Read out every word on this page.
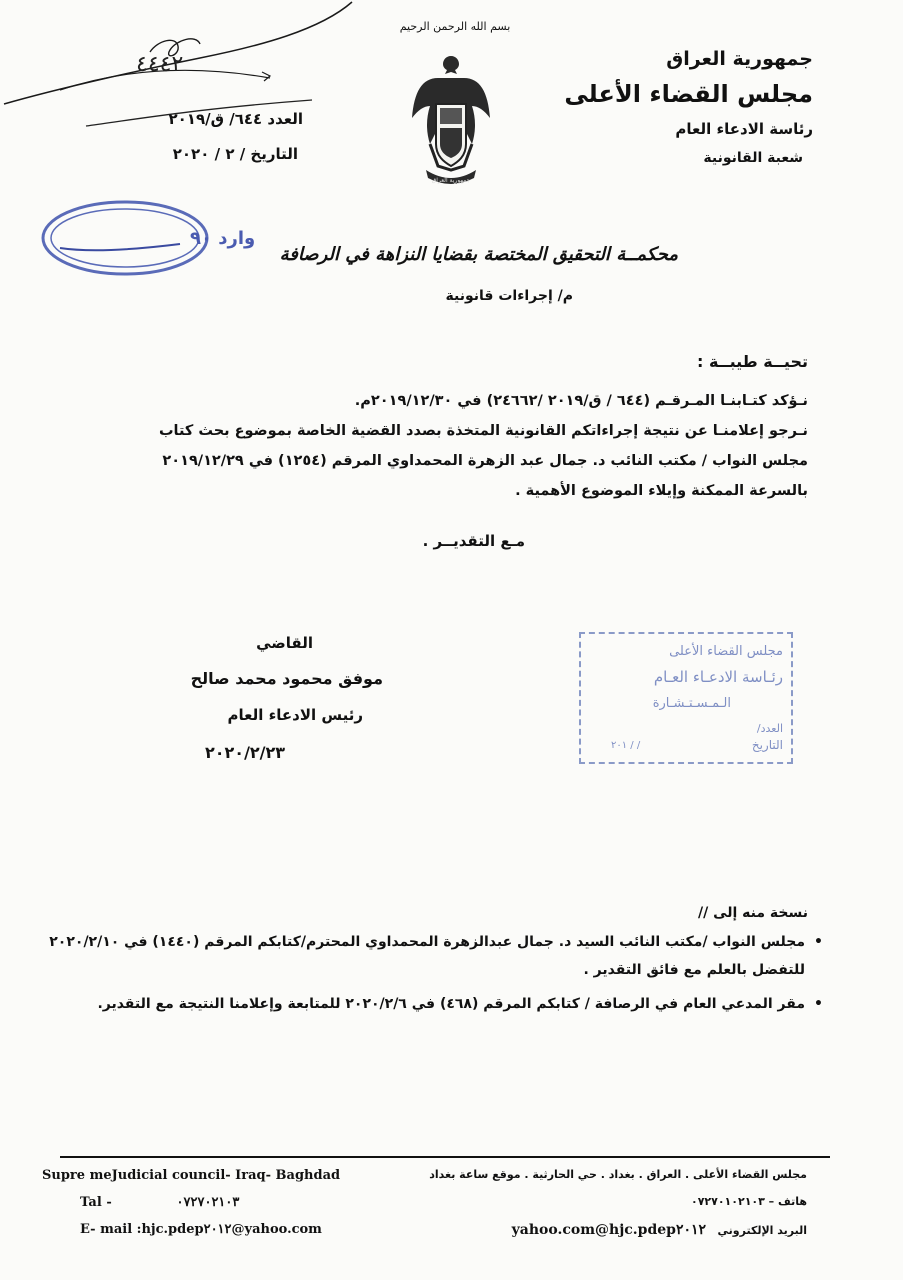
بسم الله الرحمن الرحيم
جمهورية العراق
مجلس القضاء الأعلى
رئاسة الادعاء العام
شعبة القانونية
جمهورية العراق
٤٤٤٢
العدد ٦٤٤/ ق/٢٠١٩
التاريخ / ٢ / ٢٠٢٠
وارد ٩٠
محكمــة التحقيق المختصة بقضايا النزاهة في الرصافة
م/ إجراءات قانونية
تحيــة طيبــة :

نـؤكد كتـابنـا المـرقـم (٦٤٤ / ق/٢٠١٩ /٢٤٦٦٢) في ٢٠١٩/١٢/٣٠م.

نـرجو إعلامنـا عن نتيجة إجراءاتكم القانونية المتخذة بصدد القضية الخاصة بموضوع بحث كتاب

مجلس النواب / مكتب النائب د. جمال عبد الزهرة المحمداوي المرقم (١٢٥٤) في ٢٠١٩/١٢/٢٩

بالسرعة الممكنة وإيلاء الموضوع الأهمية .

مـع التقديــر .
القاضي
موفق محمود محمد صالح
رئيس الادعاء العام
٢٠٢٠/٢/٢٣
مجلس القضاء الأعلى
رئـاسة الادعـاء العـام
الـمـسـتـشـارة
العدد/
التاريخ
٢٠١ / /
نسخة منه إلى //

مجلس النواب /مكتب النائب السيد د. جمال عبدالزهرة المحمداوي المحترم/كتابكم المرقم (١٤٤٠) في ٢٠٢٠/٢/١٠

للتفضل بالعلم مع فائق التقدير .

•

مقر المدعي العام في الرصافة / كتابكم المرقم (٤٦٨) في ٢٠٢٠/٢/٦ للمتابعة وإعلامنا النتيجة مع التقدير.

•
Supre meJudicial council- Iraq- Baghdad
Tal -	٠٧٢٧٠٢١٠٣
E- mail :hjc.pdep٢٠١٢@yahoo.com
مجلس القضاء الأعلى . العراق . بغداد . حي الحارثية . موقع ساعة بغداد
هاتف – ٠٧٢٧٠١٠٢١٠٣
البريد الإلكتروني   hjc.pdep٢٠١٢@yahoo.com
